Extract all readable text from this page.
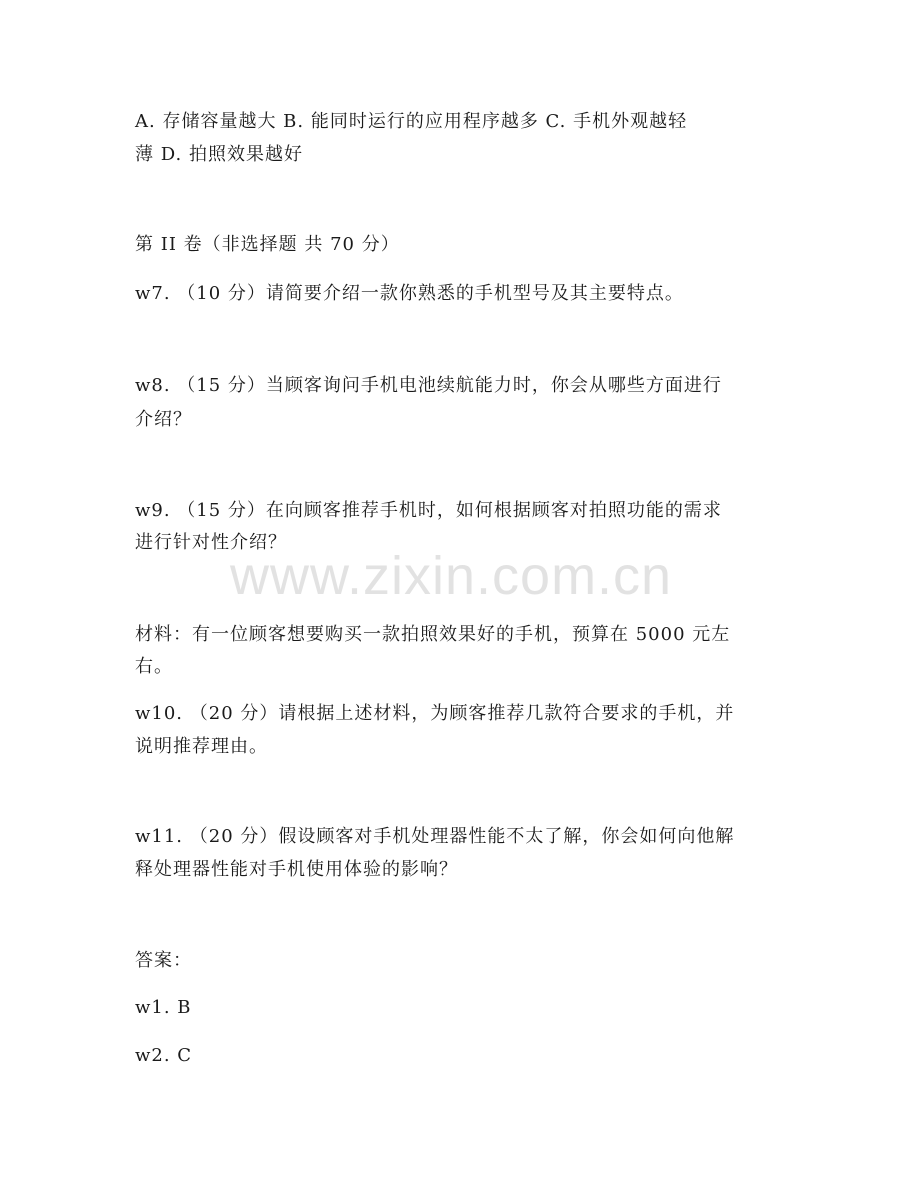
A. 存储容量越大 B. 能同时运行的应用程序越多 C. 手机外观越轻
薄 D. 拍照效果越好
第 II 卷（非选择题 共 70 分）
w7. （10 分）请简要介绍一款你熟悉的手机型号及其主要特点。
w8. （15 分）当顾客询问手机电池续航能力时，你会从哪些方面进行
介绍？
w9. （15 分）在向顾客推荐手机时，如何根据顾客对拍照功能的需求
进行针对性介绍？
材料：有一位顾客想要购买一款拍照效果好的手机，预算在 5000 元左
右。
w10. （20 分）请根据上述材料，为顾客推荐几款符合要求的手机，并
说明推荐理由。
w11. （20 分）假设顾客对手机处理器性能不太了解，你会如何向他解
释处理器性能对手机使用体验的影响？
答案：
w1. B
w2. C
www.zixin.com.cn
